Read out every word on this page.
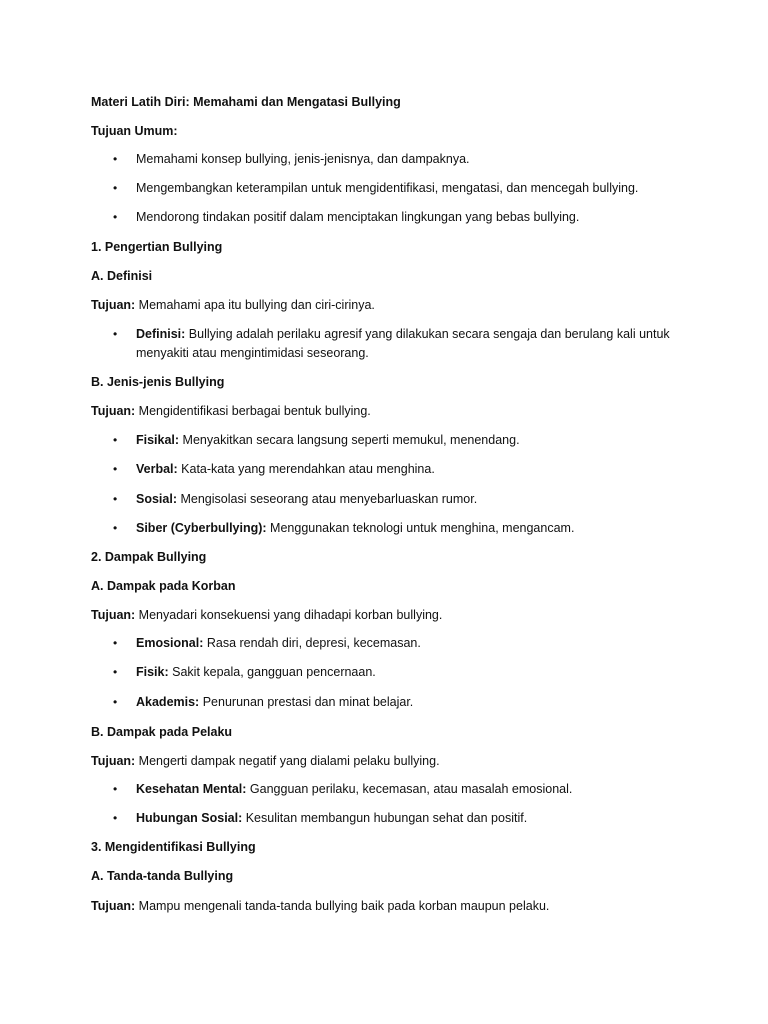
Materi Latih Diri: Memahami dan Mengatasi Bullying
Tujuan Umum:
• Memahami konsep bullying, jenis-jenisnya, dan dampaknya.
• Mengembangkan keterampilan untuk mengidentifikasi, mengatasi, dan mencegah bullying.
• Mendorong tindakan positif dalam menciptakan lingkungan yang bebas bullying.
1. Pengertian Bullying
A. Definisi
Tujuan: Memahami apa itu bullying dan ciri-cirinya.
• Definisi: Bullying adalah perilaku agresif yang dilakukan secara sengaja dan berulang kali untuk menyakiti atau mengintimidasi seseorang.
B. Jenis-jenis Bullying
Tujuan: Mengidentifikasi berbagai bentuk bullying.
• Fisikal: Menyakitkan secara langsung seperti memukul, menendang.
• Verbal: Kata-kata yang merendahkan atau menghina.
• Sosial: Mengisolasi seseorang atau menyebarluaskan rumor.
• Siber (Cyberbullying): Menggunakan teknologi untuk menghina, mengancam.
2. Dampak Bullying
A. Dampak pada Korban
Tujuan: Menyadari konsekuensi yang dihadapi korban bullying.
• Emosional: Rasa rendah diri, depresi, kecemasan.
• Fisik: Sakit kepala, gangguan pencernaan.
• Akademis: Penurunan prestasi dan minat belajar.
B. Dampak pada Pelaku
Tujuan: Mengerti dampak negatif yang dialami pelaku bullying.
• Kesehatan Mental: Gangguan perilaku, kecemasan, atau masalah emosional.
• Hubungan Sosial: Kesulitan membangun hubungan sehat dan positif.
3. Mengidentifikasi Bullying
A. Tanda-tanda Bullying
Tujuan: Mampu mengenali tanda-tanda bullying baik pada korban maupun pelaku.
